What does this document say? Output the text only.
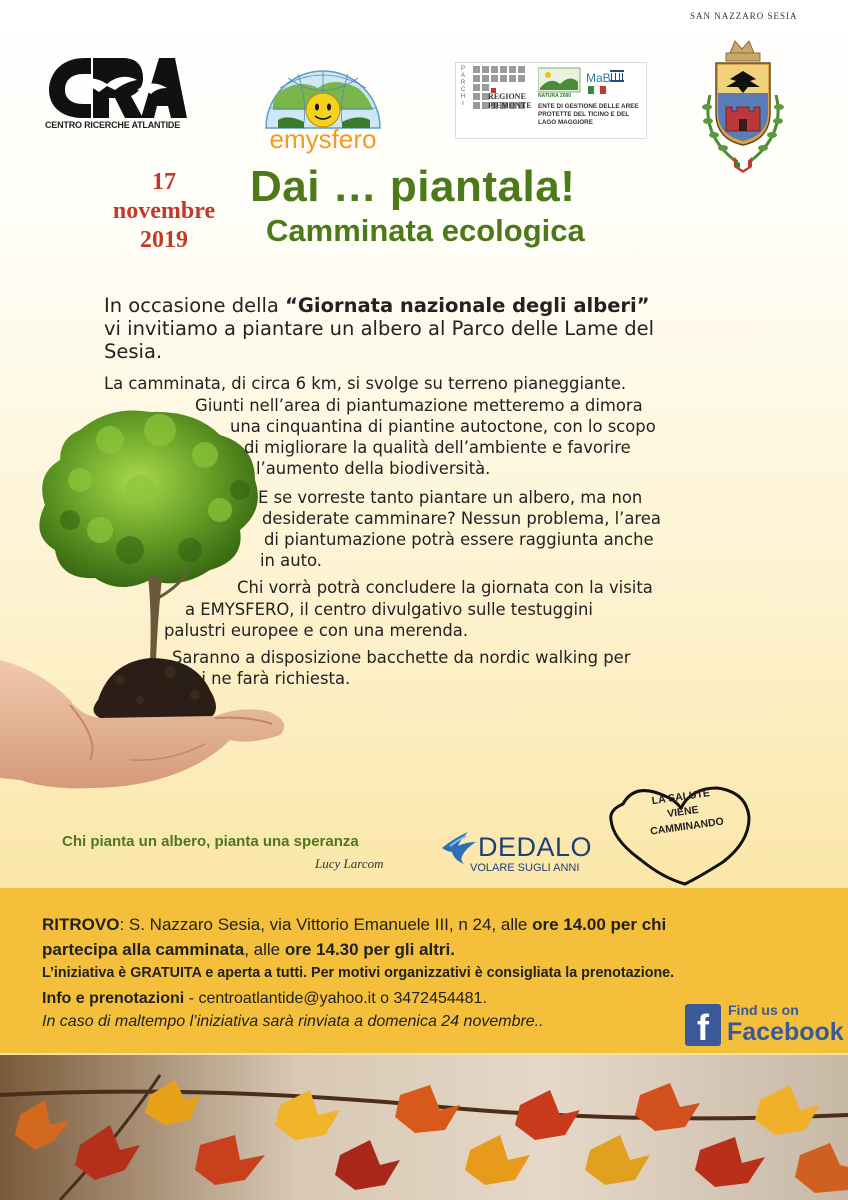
CENTRO RICERCHE ATLANTIDE	emysfero
P
A
R
C
H
I
REGIONE
PIEMONTE
MaB
NATURA 2000
ENTE DI GESTIONE DELLE AREE PROTETTE DEL TICINO E DEL LAGO MAGGIORE
SAN NAZZARO SESIA
17
novembre
2019
Dai … piantala!
Camminata ecologica
In occasione della “Giornata nazionale degli alberi”
vi invitiamo a piantare un albero al Parco delle Lame del
Sesia.
La camminata, di circa 6 km, si svolge su terreno pianeggiante.
Giunti nell’area di piantumazione metteremo a dimora
una cinquantina di piantine autoctone, con lo scopo
di migliorare la qualità dell’ambiente e favorire
l’aumento della biodiversità.
E se vorreste tanto piantare un albero, ma non
desiderate camminare? Nessun problema, l’area
di piantumazione potrà essere raggiunta anche
in auto.
Chi vorrà potrà concludere la giornata con la visita
a EMYSFERO, il centro divulgativo sulle testuggini
palustri europee e con una merenda.
Saranno a disposizione bacchette da nordic walking per
chi ne farà richiesta.
Chi pianta un albero, pianta una speranza
Lucy Larcom
DEDALO
VOLARE SUGLI ANNI
LA SALUTE
VIENE
CAMMINANDO
RITROVO: S. Nazzaro Sesia, via Vittorio Emanuele III, n 24, alle ore 14.00 per chi
partecipa alla camminata, alle ore 14.30 per gli altri.
L’iniziativa è GRATUITA e aperta a tutti. Per motivi organizzativi è consigliata la prenotazione.
Info e prenotazioni - centroatlantide@yahoo.it o 3472454481.
In caso di maltempo l’iniziativa sarà rinviata a domenica 24 novembre..	f	Find us on
Facebook
